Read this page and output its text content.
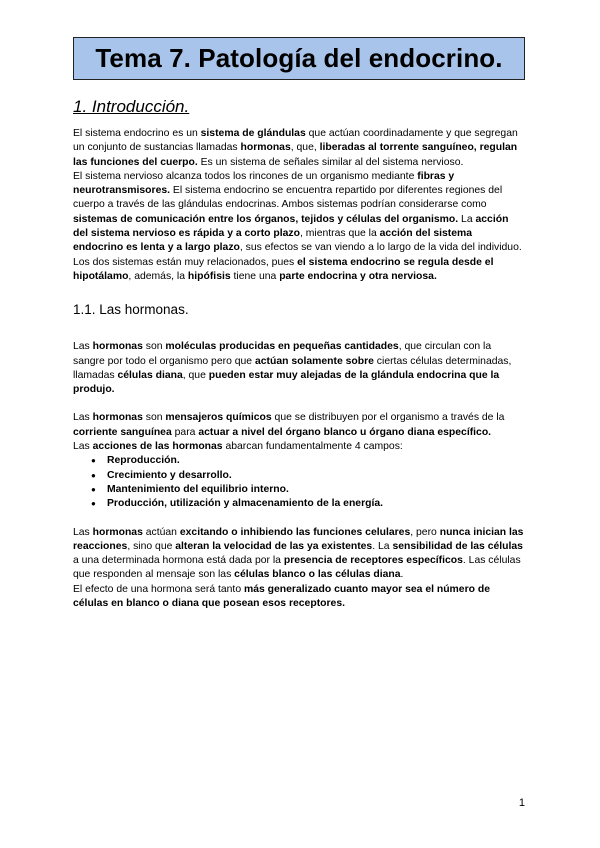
Tema 7. Patología del endocrino.
1. Introducción.

El sistema endocrino es un sistema de glándulas que actúan coordinadamente y que segregan un conjunto de sustancias llamadas hormonas, que, liberadas al torrente sanguíneo, regulan las funciones del cuerpo. Es un sistema de señales similar al del sistema nervioso.

El sistema nervioso alcanza todos los rincones de un organismo mediante fibras y neurotransmisores. El sistema endocrino se encuentra repartido por diferentes regiones del cuerpo a través de las glándulas endocrinas. Ambos sistemas podrían considerarse como sistemas de comunicación entre los órganos, tejidos y células del organismo. La acción del sistema nervioso es rápida y a corto plazo, mientras que la acción del sistema endocrino es lenta y a largo plazo, sus efectos se van viendo a lo largo de la vida del individuo. Los dos sistemas están muy relacionados, pues el sistema endocrino se regula desde el hipotálamo, además, la hipófisis tiene una parte endocrina y otra nerviosa.

1.1. Las hormonas.

Las hormonas son moléculas producidas en pequeñas cantidades, que circulan con la sangre por todo el organismo pero que actúan solamente sobre ciertas células determinadas, llamadas células diana, que pueden estar muy alejadas de la glándula endocrina que la produjo.

Las hormonas son mensajeros químicos que se distribuyen por el organismo a través de la corriente sanguínea para actuar a nivel del órgano blanco u órgano diana específico.

Las acciones de las hormonas abarcan fundamentalmente 4 campos:

● Reproducción.
● Crecimiento y desarrollo.
● Mantenimiento del equilibrio interno.
● Producción, utilización y almacenamiento de la energía.

Las hormonas actúan excitando o inhibiendo las funciones celulares, pero nunca inician las reacciones, sino que alteran la velocidad de las ya existentes. La sensibilidad de las células a una determinada hormona está dada por la presencia de receptores específicos. Las células que responden al mensaje son las células blanco o las células diana.

El efecto de una hormona será tanto más generalizado cuanto mayor sea el número de células en blanco o diana que posean esos receptores.

1
